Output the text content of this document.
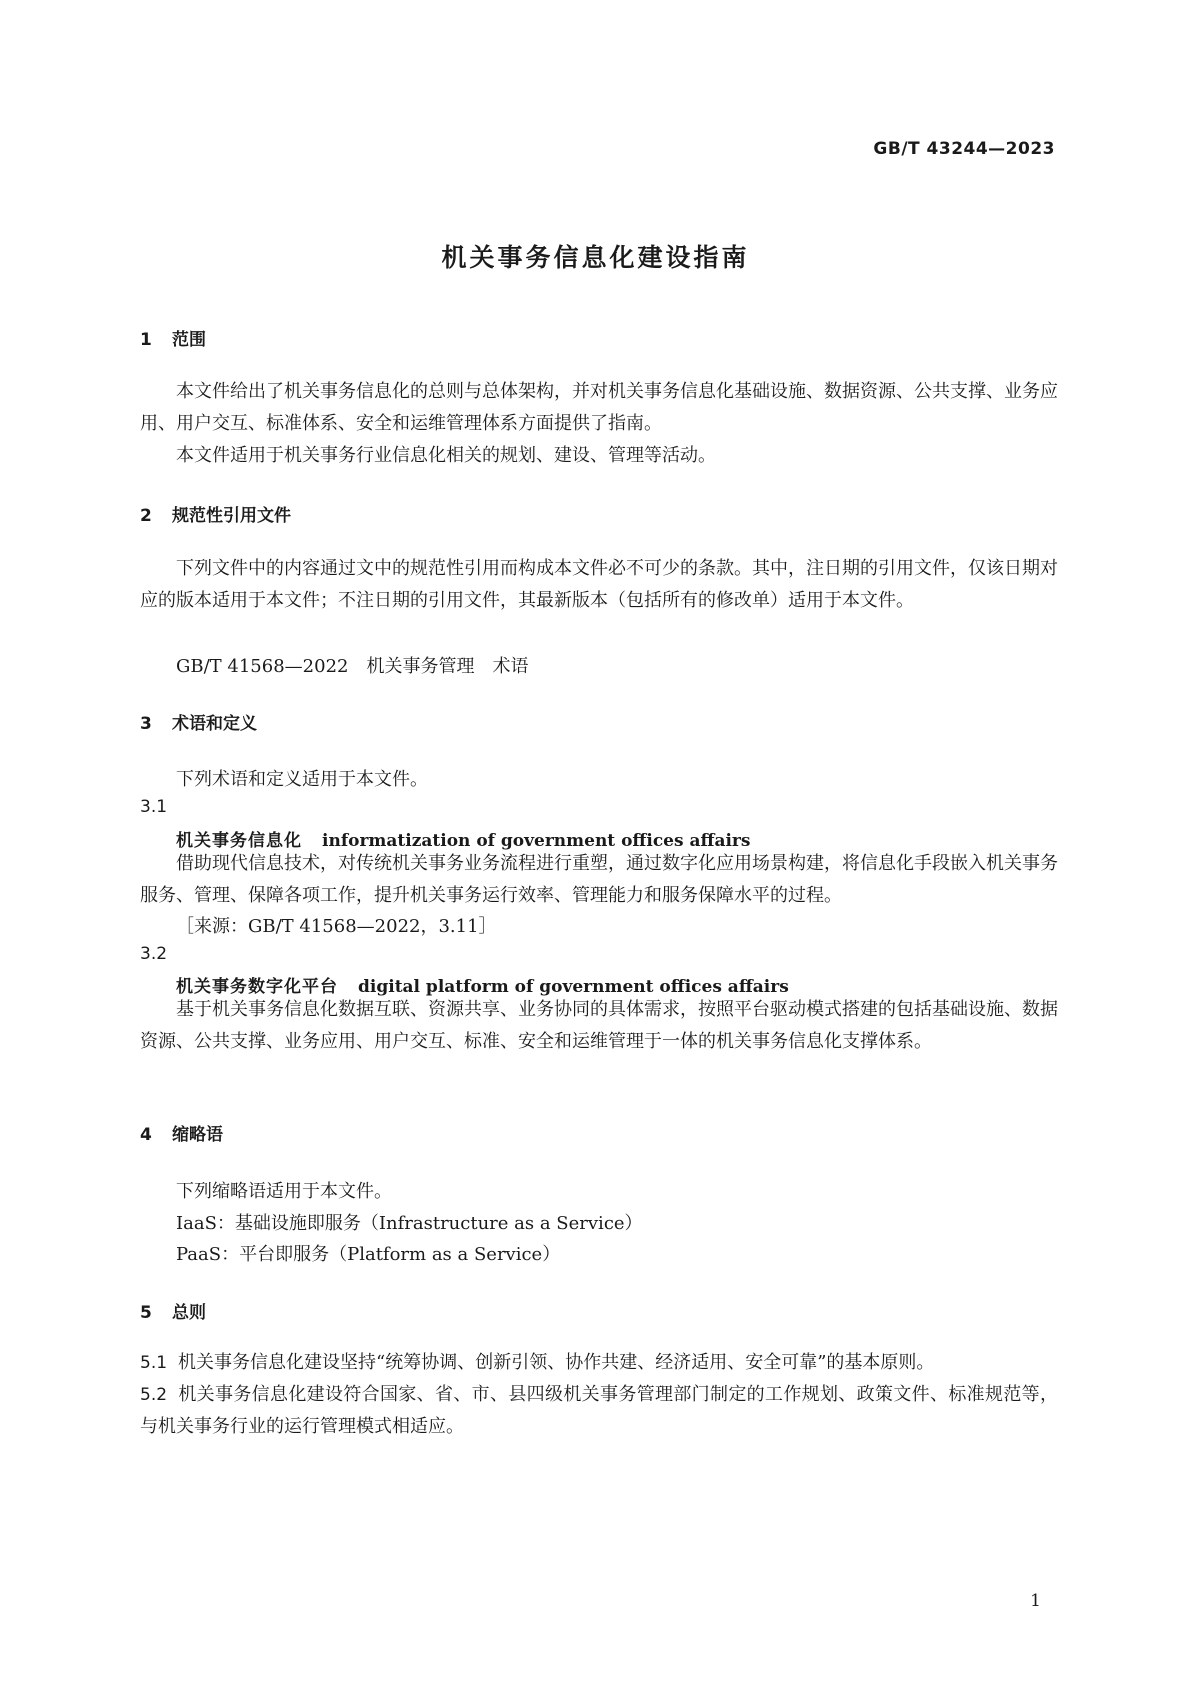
GB/T 43244—2023
机关事务信息化建设指南
1 范围
本文件给出了机关事务信息化的总则与总体架构，并对机关事务信息化基础设施、数据资源、公共支撑、业务应用、用户交互、标准体系、安全和运维管理体系方面提供了指南。
本文件适用于机关事务行业信息化相关的规划、建设、管理等活动。
2 规范性引用文件
下列文件中的内容通过文中的规范性引用而构成本文件必不可少的条款。其中，注日期的引用文件，仅该日期对应的版本适用于本文件；不注日期的引用文件，其最新版本（包括所有的修改单）适用于本文件。
GB/T 41568—2022　机关事务管理　术语
3 术语和定义
下列术语和定义适用于本文件。
3.1
机关事务信息化 informatization of government offices affairs
借助现代信息技术，对传统机关事务业务流程进行重塑，通过数字化应用场景构建，将信息化手段嵌入机关事务服务、管理、保障各项工作，提升机关事务运行效率、管理能力和服务保障水平的过程。
［来源：GB/T 41568—2022，3.11］
3.2
机关事务数字化平台 digital platform of government offices affairs
基于机关事务信息化数据互联、资源共享、业务协同的具体需求，按照平台驱动模式搭建的包括基础设施、数据资源、公共支撑、业务应用、用户交互、标准、安全和运维管理于一体的机关事务信息化支撑体系。
4 缩略语
下列缩略语适用于本文件。
IaaS：基础设施即服务（Infrastructure as a Service）
PaaS：平台即服务（Platform as a Service）
5 总则
5.1 机关事务信息化建设坚持“统筹协调、创新引领、协作共建、经济适用、安全可靠”的基本原则。
5.2 机关事务信息化建设符合国家、省、市、县四级机关事务管理部门制定的工作规划、政策文件、标准规范等，与机关事务行业的运行管理模式相适应。
1
